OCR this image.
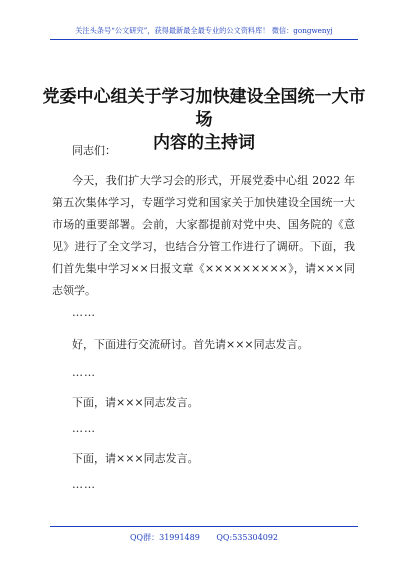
关注头条号“公文研究”，获得最新最全最专业的公文资料库！ 微信：gongwenyj
党委中心组关于学习加快建设全国统一大市场
内容的主持词
同志们：
今天，我们扩大学习会的形式，开展党委中心组 2022 年第五次集体学习，专题学习党和国家关于加快建设全国统一大市场的重要部署。会前，大家都提前对党中央、国务院的《意见》进行了全文学习，也结合分管工作进行了调研。下面，我们首先集中学习××日报文章《×××××××××》，请×××同志领学。
……
好，下面进行交流研讨。首先请×××同志发言。
……
下面，请×××同志发言。
……
下面，请×××同志发言。
……
QQ群：31991489 QQ:535304092
